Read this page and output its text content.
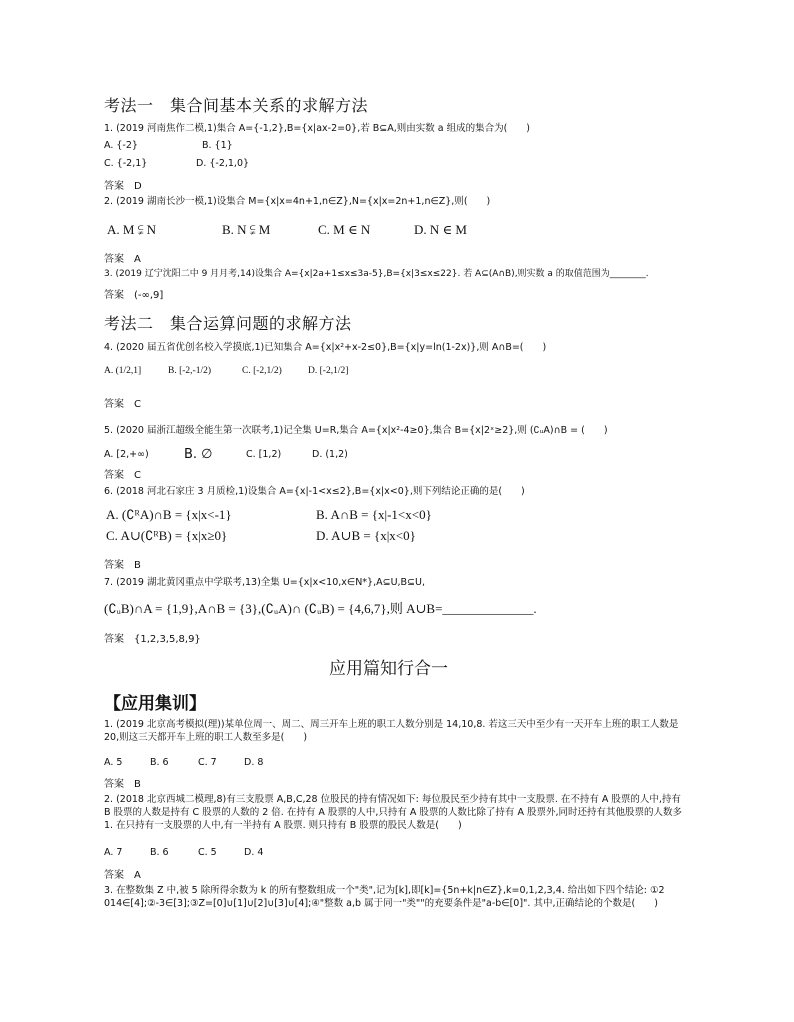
考法一　集合间基本关系的求解方法
1. (2019 河南焦作二模,1)集合 A={-1,2},B={x|ax-2=0},若 B⊆A,则由实数 a 组成的集合为(　　)
A. {-2}	B. {1}
C. {-2,1}	D. {-2,1,0}
答案　D
2. (2019 湖南长沙一模,1)设集合 M={x|x=4n+1,n∈Z},N={x|x=2n+1,n∈Z},则(　　)
A. M ⫋ N	B. N ⫋ M	C. M ∈ N	D. N ∈ M
答案　A
3. (2019 辽宁沈阳二中 9 月月考,14)设集合 A={x|2a+1≤x≤3a-5},B={x|3≤x≤22}. 若 A⊆(A∩B),则实数 a 的取值范围为________.
答案　(-∞,9]
考法二　集合运算问题的求解方法
4. (2020 届五省优创名校入学摸底,1)已知集合 A={x|x²+x-2≤0},B={x|y=ln(1-2x)},则 A∩B=(　　)
A. (1/2,1]	B. [-2,-1/2)	C. [-2,1/2)	D. [-2,1/2]
答案　C
5. (2020 届浙江超级全能生第一次联考,1)记全集 U=R,集合 A={x|x²-4≥0},集合 B={x|2ˣ≥2},则 (∁ᵤA)∩B = (　　)
A. [2,+∞)	B. ∅	C. [1,2)	D. (1,2)
答案　C
6. (2018 河北石家庄 3 月质检,1)设集合 A={x|-1<x≤2},B={x|x<0},则下列结论正确的是(　　)
A. (∁ᴿA)∩B = {x|x<-1}	B. A∩B = {x|-1<x<0}
C. A∪(∁ᴿB) = {x|x≥0}	D. A∪B = {x|x<0}
答案　B
7. (2019 湖北黄冈重点中学联考,13)全集 U={x|x<10,x∈N*},A⊆U,B⊆U,
(∁ᵤB)∩A = {1,9},A∩B = {3},(∁ᵤA)∩ (∁ᵤB) = {4,6,7},则 A∪B=______________.
答案　{1,2,3,5,8,9}
应用篇知行合一
【应用集训】
1. (2019 北京高考模拟(理))某单位周一、周二、周三开车上班的职工人数分别是 14,10,8. 若这三天中至少有一天开车上班的职工人数是 20,则这三天都开车上班的职工人数至多是(　　)
A. 5	B. 6	C. 7	D. 8
答案　B
2. (2018 北京西城二模理,8)有三支股票 A,B,C,28 位股民的持有情况如下: 每位股民至少持有其中一支股票. 在不持有 A 股票的人中,持有 B 股票的人数是持有 C 股票的人数的 2 倍. 在持有 A 股票的人中,只持有 A 股票的人数比除了持有 A 股票外,同时还持有其他股票的人数多 1. 在只持有一支股票的人中,有一半持有 A 股票. 则只持有 B 股票的股民人数是(　　)
A. 7	B. 6	C. 5	D. 4
答案　A
3. 在整数集 Z 中,被 5 除所得余数为 k 的所有整数组成一个"类",记为[k],即[k]={5n+k|n∈Z},k=0,1,2,3,4. 给出如下四个结论: ①2 014∈[4];②-3∈[3];③Z=[0]∪[1]∪[2]∪[3]∪[4];④"整数 a,b 属于同一"类""的充要条件是"a-b∈[0]". 其中,正确结论的个数是(　　)
